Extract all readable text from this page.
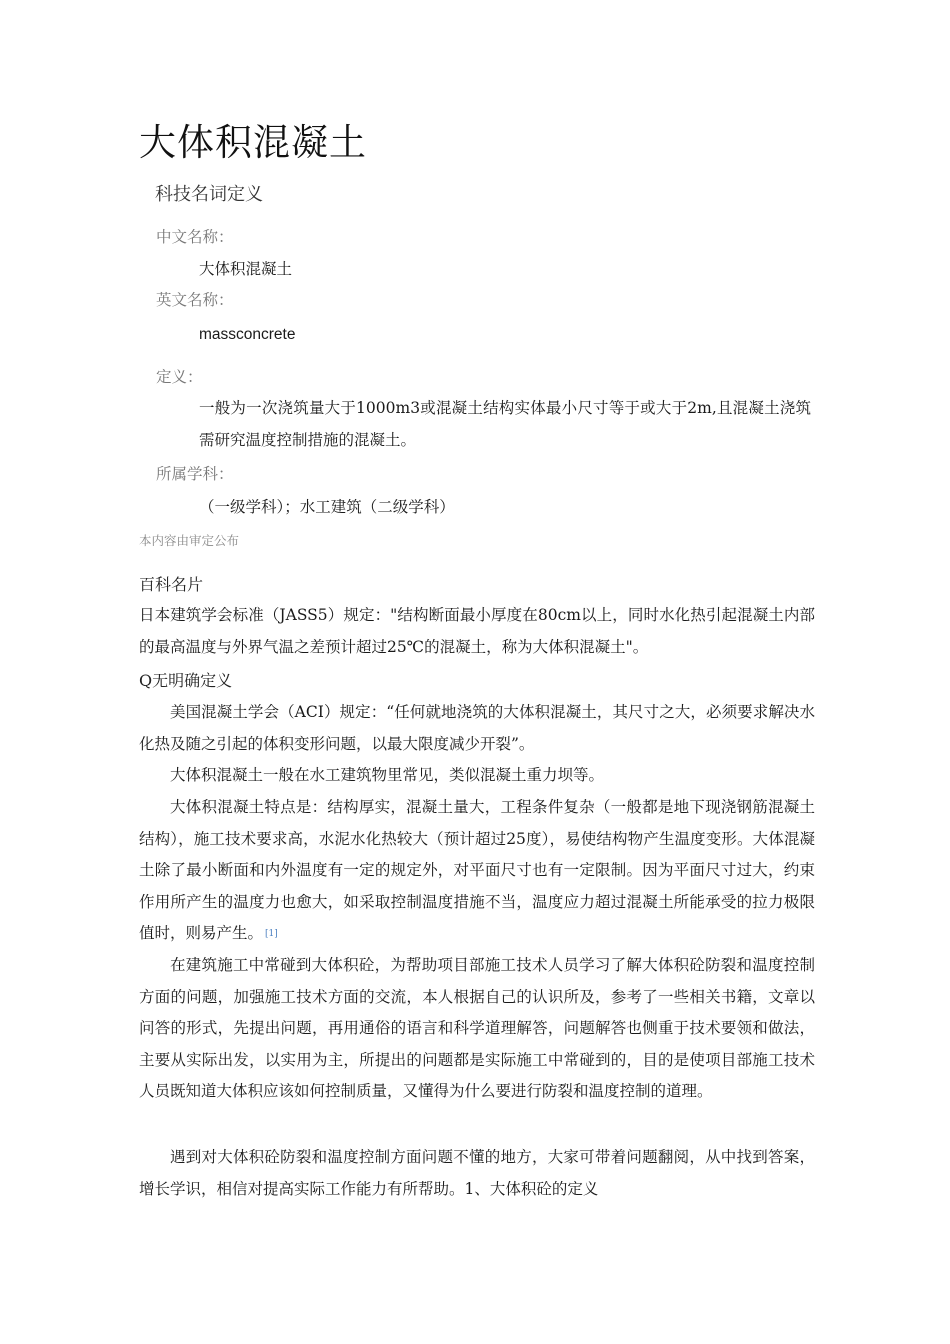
大体积混凝土
科技名词定义
中文名称：
大体积混凝土
英文名称：
massconcrete
定义：

一般为一次浇筑量大于1000m3或混凝土结构实体最小尺寸等于或大于2m,且混凝土浇筑需研究温度控制措施的混凝土。

所属学科：
（一级学科）；水工建筑（二级学科）
本内容由审定公布
百科名片

日本建筑学会标准（JASS5）规定："结构断面最小厚度在80cm以上，同时水化热引起混凝土内部的最高温度与外界气温之差预计超过25℃的混凝土，称为大体积混凝土"。

Q无明确定义

美国混凝土学会（ACI）规定：“任何就地浇筑的大体积混凝土，其尺寸之大，必须要求解决水化热及随之引起的体积变形问题，以最大限度减少开裂”。

大体积混凝土一般在水工建筑物里常见，类似混凝土重力坝等。

大体积混凝土特点是：结构厚实，混凝土量大，工程条件复杂（一般都是地下现浇钢筋混凝土结构），施工技术要求高，水泥水化热较大（预计超过25度），易使结构物产生温度变形。大体混凝土除了最小断面和内外温度有一定的规定外，对平面尺寸也有一定限制。因为平面尺寸过大，约束作用所产生的温度力也愈大，如采取控制温度措施不当，温度应力超过混凝土所能承受的拉力极限值时，则易产生。 [1]

在建筑施工中常碰到大体积砼，为帮助项目部施工技术人员学习了解大体积砼防裂和温度控制方面的问题，加强施工技术方面的交流，本人根据自己的认识所及，参考了一些相关书籍，文章以问答的形式，先提出问题，再用通俗的语言和科学道理解答，问题解答也侧重于技术要领和做法，主要从实际出发，以实用为主，所提出的问题都是实际施工中常碰到的，目的是使项目部施工技术人员既知道大体积应该如何控制质量，又懂得为什么要进行防裂和温度控制的道理。

遇到对大体积砼防裂和温度控制方面问题不懂的地方，大家可带着问题翻阅，从中找到答案，增长学识，相信对提高实际工作能力有所帮助。1、大体积砼的定义
